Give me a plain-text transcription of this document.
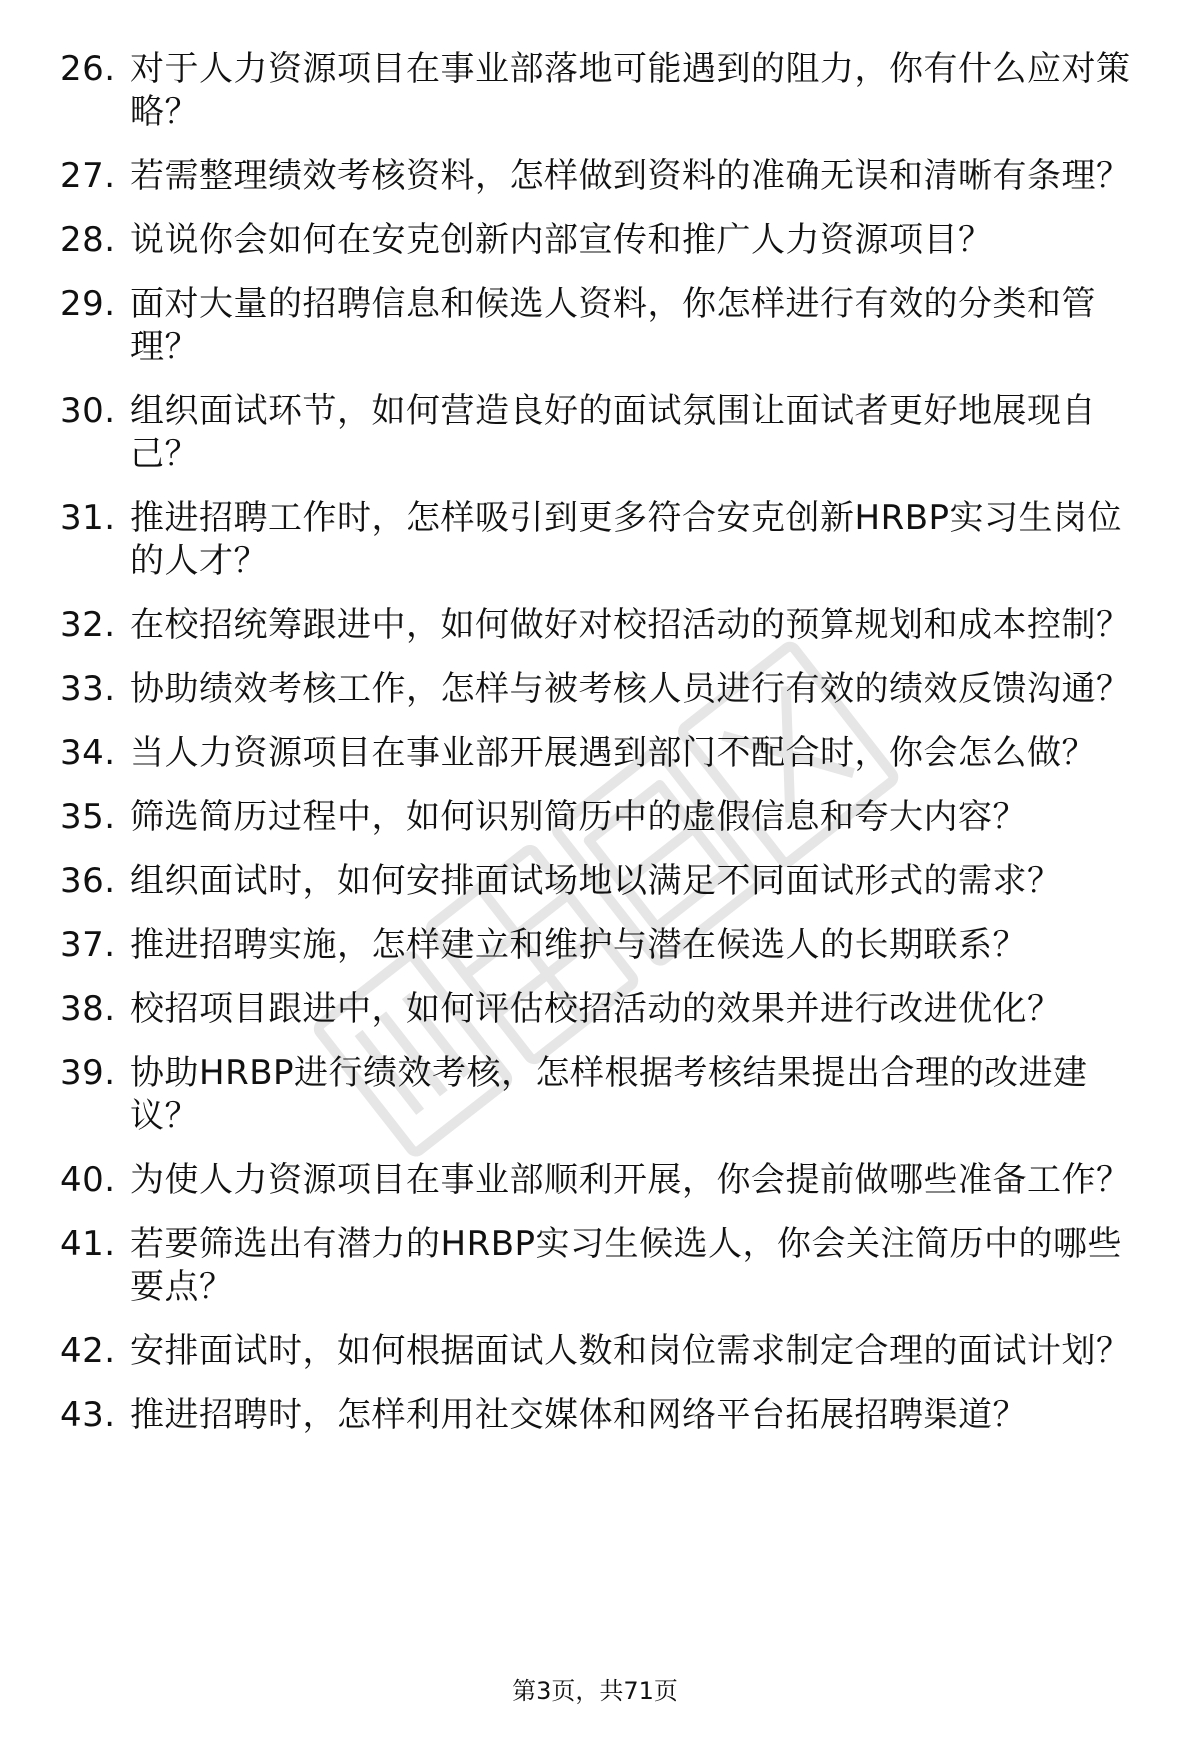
26. 对于人力资源项目在事业部落地可能遇到的阻力，你有什么应对策略？
27. 若需整理绩效考核资料，怎样做到资料的准确无误和清晰有条理？
28. 说说你会如何在安克创新内部宣传和推广人力资源项目？
29. 面对大量的招聘信息和候选人资料，你怎样进行有效的分类和管理？
30. 组织面试环节，如何营造良好的面试氛围让面试者更好地展现自己？
31. 推进招聘工作时，怎样吸引到更多符合安克创新HRBP实习生岗位的人才？
32. 在校招统筹跟进中，如何做好对校招活动的预算规划和成本控制？
33. 协助绩效考核工作，怎样与被考核人员进行有效的绩效反馈沟通？
34. 当人力资源项目在事业部开展遇到部门不配合时，你会怎么做？
35. 筛选简历过程中，如何识别简历中的虚假信息和夸大内容？
36. 组织面试时，如何安排面试场地以满足不同面试形式的需求？
37. 推进招聘实施，怎样建立和维护与潜在候选人的长期联系？
38. 校招项目跟进中，如何评估校招活动的效果并进行改进优化？
39. 协助HRBP进行绩效考核，怎样根据考核结果提出合理的改进建议？
40. 为使人力资源项目在事业部顺利开展，你会提前做哪些准备工作？
41. 若要筛选出有潜力的HRBP实习生候选人，你会关注简历中的哪些要点？
42. 安排面试时，如何根据面试人数和岗位需求制定合理的面试计划？
43. 推进招聘时，怎样利用社交媒体和网络平台拓展招聘渠道？
第3页，共71页
